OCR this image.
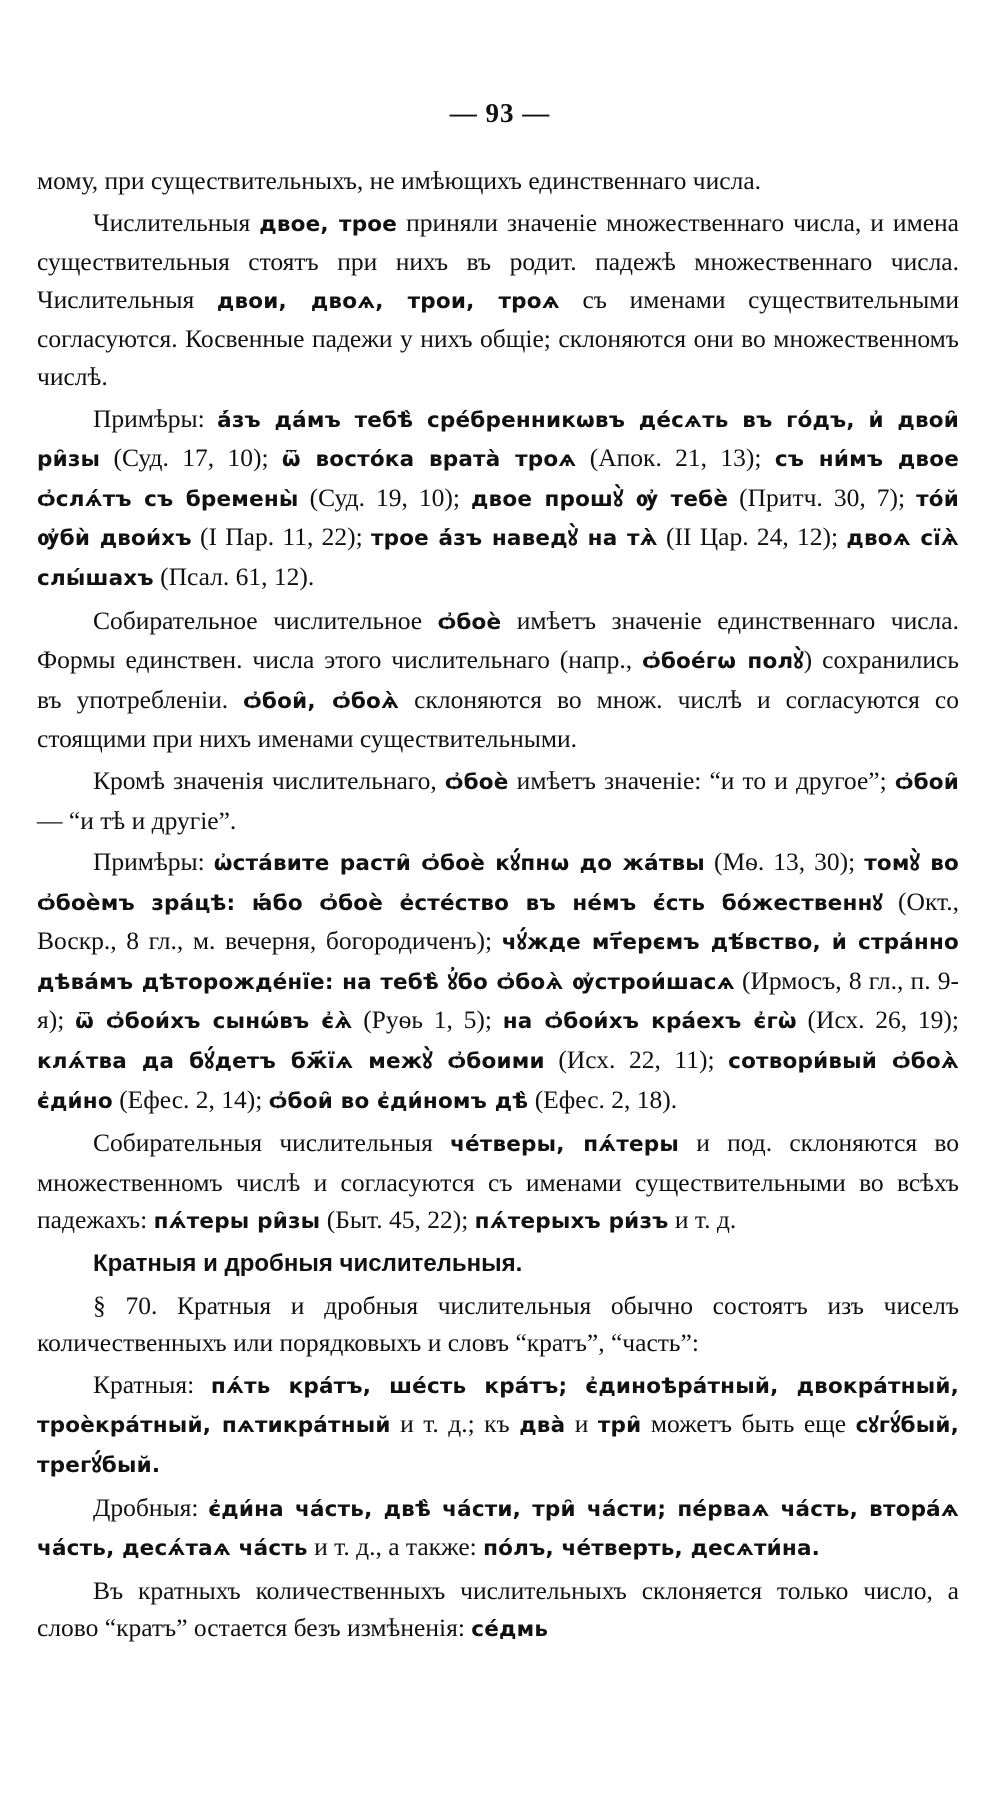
— 93 —

мому, при существительныхъ, не имѣющихъ единственнаго числа.

Числительныя двое, трое приняли значеніе множественнаго числа, и имена существительныя стоятъ при нихъ въ родит. падежѣ множественнаго числа. Числительныя двои, двоѧ, трои, троѧ съ именами существительными согласуются. Косвенные падежи у нихъ общіе; склоняются они во множественномъ числѣ.

Примѣры: а҆́зъ да́мъ тебѣ̀ сре́бренникѡвъ де́сѧть въ го́дъ, и҆ двои̑ ри̑зы (Суд. 17, 10); ѿ восто́ка врата̀ троѧ (Апок. 21, 13); съ ни́мъ двое ѻ҆слѧ́тъ съ бремены̀ (Суд. 19, 10); двое прошꙋ̀ ѹ҆ тебѐ (Притч. 30, 7); то́й ѹ҆бѝ двои́хъ (I Пар. 11, 22); трое а҆́зъ наведꙋ̀ на тѧ̀ (II Цар. 24, 12); двоѧ сїѧ̀ слы́шахъ (Псал. 61, 12).

Собирательное числительное ѻ҆боѐ имѣетъ значеніе единственнаго числа. Формы единствен. числа этого числительнаго (напр., ѻ҆бое́гѡ полꙋ̀) сохранились въ употребленіи. ѻ҆бои̑, ѻ҆боѧ̀ склоняются во множ. числѣ и согласуются со стоящими при нихъ именами существительными.

Кромѣ значенія числительнаго, ѻ҆боѐ имѣетъ значеніе: “и то и другое”; ѻ҆бои̑ — “и тѣ и другіе”.

Примѣры: ѡ҆ста́вите расти̑ ѻ҆боѐ кꙋ́пнѡ до жа́твы (Мѳ. 13, 30); томꙋ̀ во ѻ҆боѐмъ зра́цѣ: ꙗ҆́бо ѻ҆боѐ е҆сте́ство въ не́мъ є҆́сть бо́жественнꙋ (Окт., Воскр., 8 гл., м. вечерня, богородиченъ); чꙋ́жде мт҃ерємъ дѣ́вство, и҆ стра́нно дѣва́мъ дѣторожде́нїе: на тебѣ̀ ꙋ҆бо ѻ҆боѧ̀ ѹ҆строи́шасѧ (Ирмосъ, 8 гл., п. 9-я); ѿ ѻ҆бои́хъ сынѡ́въ є҆ѧ̀ (Руѳь 1, 5); на ѻ҆бои́хъ кра́ехъ є҆гѡ̀ (Исх. 26, 19); клѧ́тва да бꙋ́детъ бж҃їѧ межꙋ̀ ѻ҆боими (Исх. 22, 11); сотвори́вый ѻ҆боѧ̀ є҆ди́но (Ефес. 2, 14); ѻ҆бои̑ во є҆ди́номъ дѣ̀ (Ефес. 2, 18).

Собирательныя числительныя че́тверы, пѧ́теры и под. склоняются во множественномъ числѣ и согласуются съ именами существительными во всѣхъ падежахъ: пѧ́теры ри̑зы (Быт. 45, 22); пѧ́терыхъ ри́зъ и т. д.

Кратныя и дробныя числительныя.

§ 70. Кратныя и дробныя числительныя обычно состоятъ изъ чиселъ количественныхъ или порядковыхъ и словъ “кратъ”, “часть”:

Кратныя: пѧ́ть кра́тъ, ше́сть кра́тъ; є҆диноѣра́тный, двокра́тный, троѐкра́тный, пѧтикра́тный и т. д.; къ два̀ и три̑ можетъ быть еще сꙋгꙋ́бый, трегꙋ́бый.

Дробныя: є҆ди́на ча́сть, двѣ̀ ча́сти, три̑ ча́сти; пе́рваѧ ча́сть, втора́ѧ ча́сть, десѧ́таѧ ча́сть и т. д., а также: по́лъ, че́тверть, десѧти́на.

Въ кратныхъ количественныхъ числительныхъ склоняется только число, а слово “кратъ” остается безъ измѣненія: се́дмь
